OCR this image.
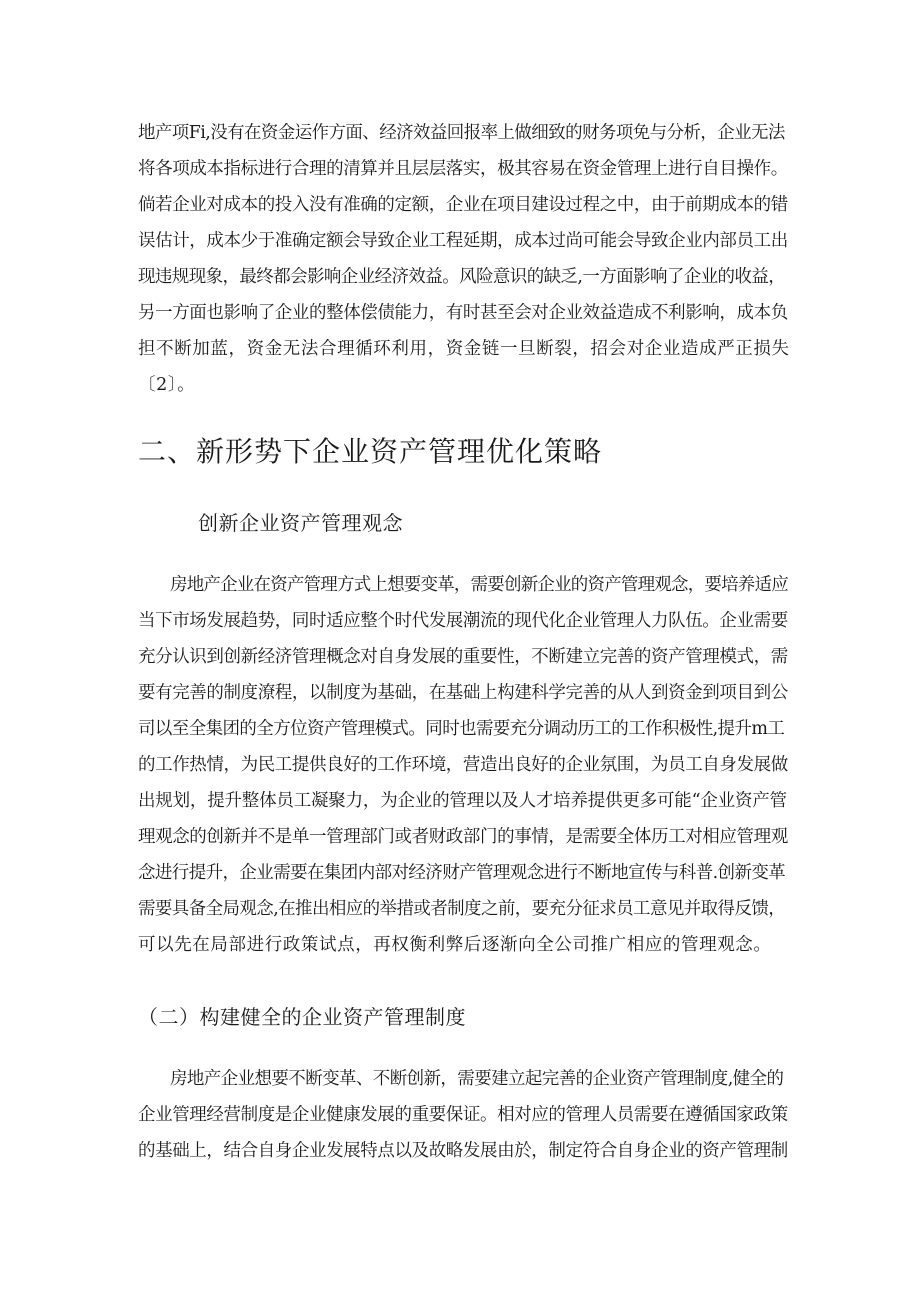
地产项Fi,没有在资金运作方面、经济效益回报率上做细致的财务项免与分析，企业无法
将各项成本指标进行合理的清算并且层层落实，极其容易在资金管理上进行自目操作。
倘若企业对成本的投入没有准确的定额，企业在项目建设过程之中，由于前期成本的错
误估计，成本少于准确定额会导致企业工程延期，成本过尚可能会导致企业内部员工出
现违规现象，最终都会影响企业经济效益。风险意识的缺乏,一方面影响了企业的收益，
另一方面也影响了企业的整体偿债能力，有时甚至会对企业效益造成不利影响，成本负
担不断加蓝，资金无法合理循环利用，资金链一旦断裂，招会对企业造成严正损失
〔2〕。
二、新形势下企业资产管理优化策略
创新企业资产管理观念
房地产企业在资产管理方式上想要变革，需要创新企业的资产管理观念，要培养适应
当下市场发展趋势，同时适应整个时代发展潮流的现代化企业管理人力队伍。企业需要
充分认识到创新经济管理概念对自身发展的重要性，不断建立完善的资产管理模式，需
要有完善的制度潦程，以制度为基础，在基础上构建科学完善的从人到资金到项目到公
司以至全集团的全方位资产管理模式。同时也需要充分调动历工的工作积极性,提升m工
的工作热情，为民工提供良好的工作环境，营造出良好的企业氛围，为员工自身发展做
出规划，提升整体员工凝聚力，为企业的管理以及人才培养提供更多可能“企业资产管
理观念的创新并不是单一管理部门或者财政部门的事情，是需要全体历工对相应管理观
念进行提升，企业需要在集团内部对经济财产管理观念进行不断地宣传与科普.创新变革
需要具备全局观念,在推出相应的举措或者制度之前，要充分征求员工意见并取得反馈，
可以先在局部进行政策试点，再权衡利弊后逐渐向全公司推广相应的管理观念。
（二）构建健全的企业资产管理制度
房地产企业想要不断变革、不断创新，需要建立起完善的企业资产管理制度,健全的
企业管理经营制度是企业健康发展的重要保证。相对应的管理人员需要在遵循国家政策
的基础上，结合自身企业发展特点以及故略发展由於，制定符合自身企业的资产管理制
